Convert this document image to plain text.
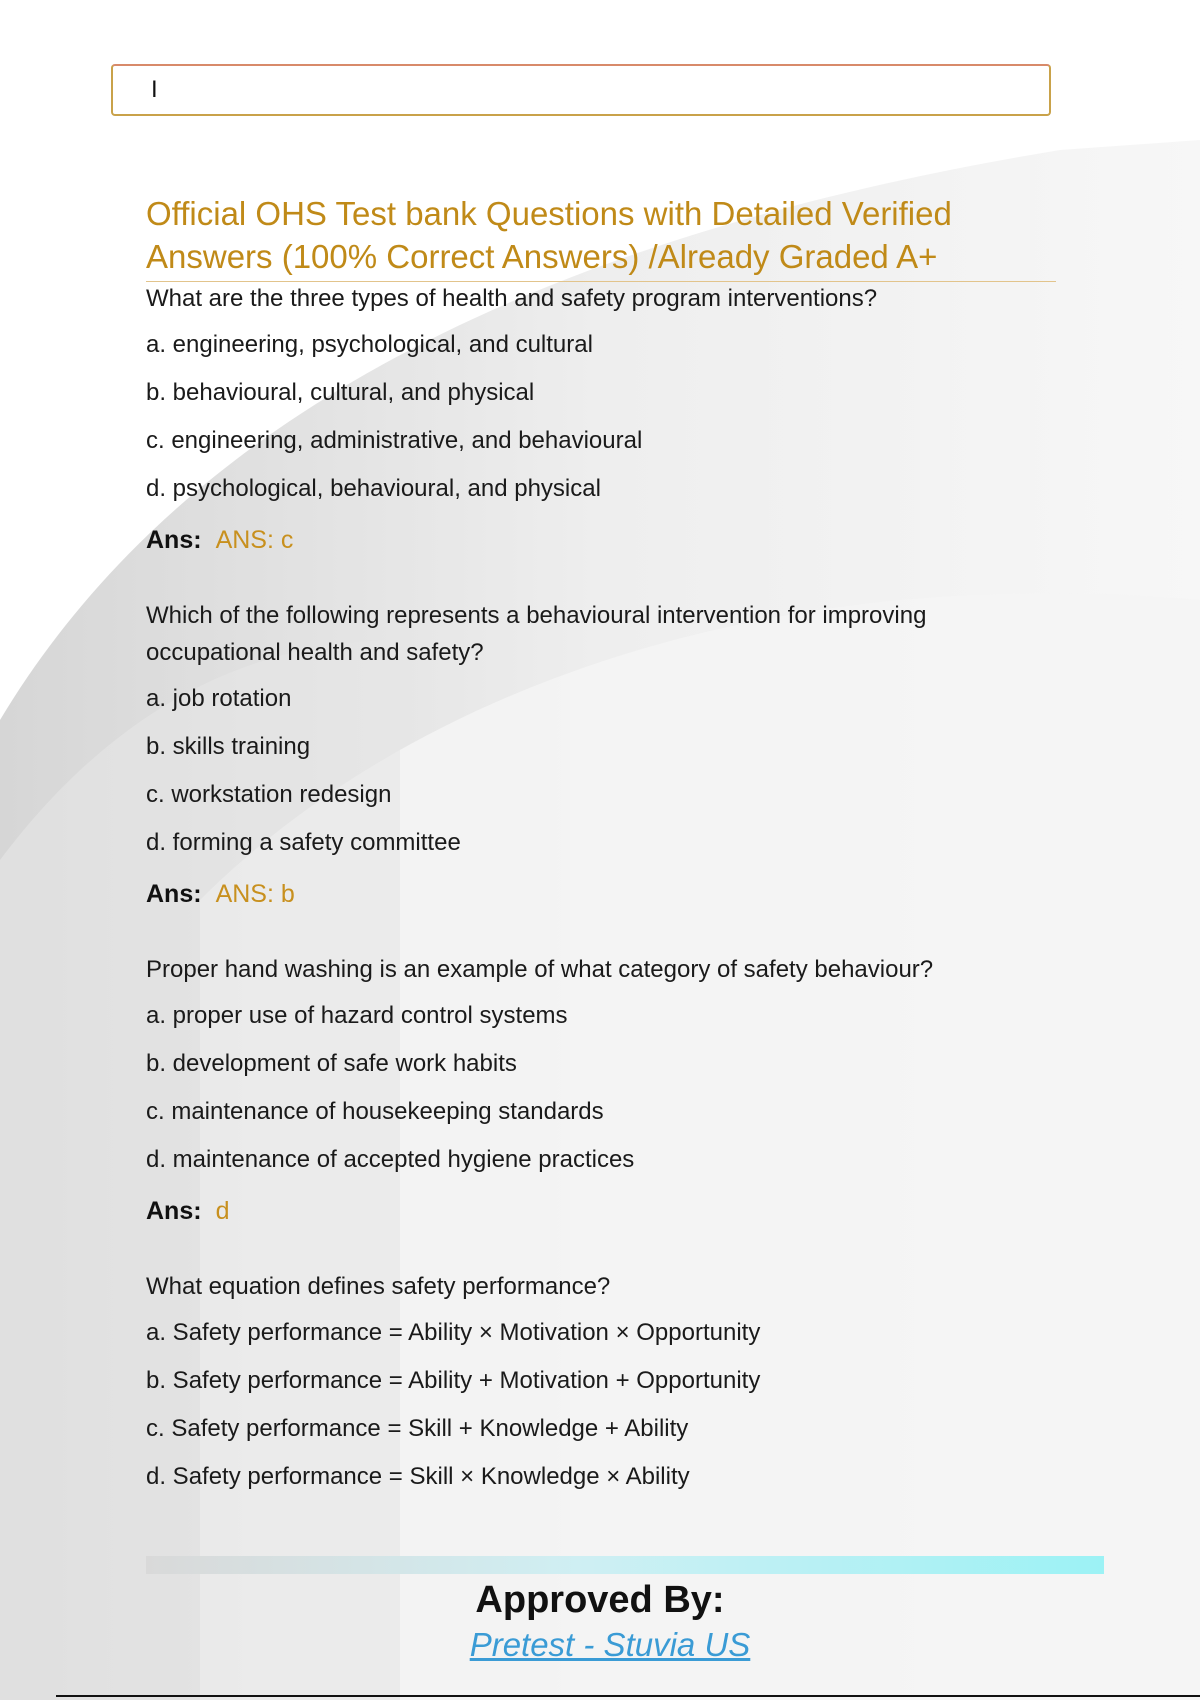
I
Official OHS Test bank Questions with Detailed Verified Answers (100% Correct Answers) /Already Graded A+

What are the three types of health and safety program interventions?

a. engineering, psychological, and cultural

b. behavioural, cultural, and physical

c. engineering, administrative, and behavioural

d. psychological, behavioural, and physical

Ans: ANS: c

Which of the following represents a behavioural intervention for improving occupational health and safety?

a. job rotation

b. skills training

c. workstation redesign

d. forming a safety committee

Ans: ANS: b

Proper hand washing is an example of what category of safety behaviour?

a. proper use of hazard control systems

b. development of safe work habits

c. maintenance of housekeeping standards

d. maintenance of accepted hygiene practices

Ans: d

What equation defines safety performance?

a. Safety performance = Ability × Motivation × Opportunity

b. Safety performance = Ability + Motivation + Opportunity

c. Safety performance = Skill + Knowledge + Ability

d. Safety performance = Skill × Knowledge × Ability

Approved By:
Pretest - Stuvia US
